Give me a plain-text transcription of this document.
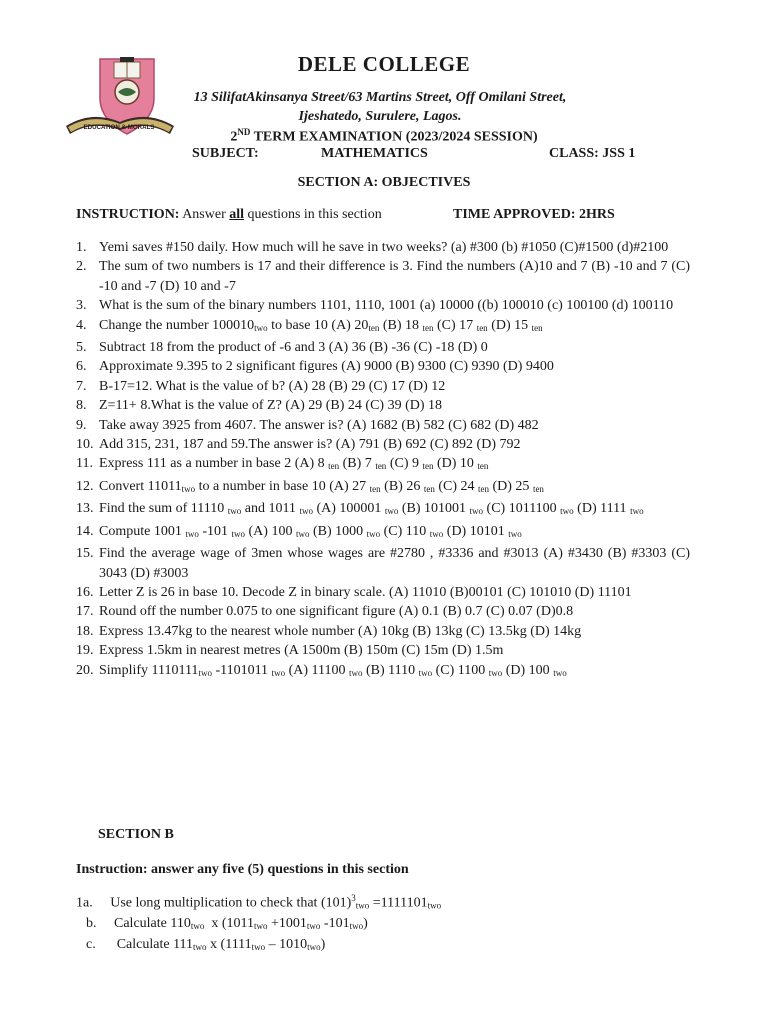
EDUCATION & MORALS
DELE COLLEGE
13 SilifatAkinsanya Street/63 Martins Street, Off Omilani Street,
Ijeshatedo, Surulere, Lagos.
2ND TERM EXAMINATION (2023/2024 SESSION)
SUBJECT:	MATHEMATICS	CLASS: JSS 1
SECTION A: OBJECTIVES
INSTRUCTION: Answer all questions in this section	TIME APPROVED: 2HRS
1. Yemi saves #150 daily. How much will he save in two weeks? (a) #300 (b) #1050 (C)#1500 (d)#2100
2. The sum of two numbers is 17 and their difference is 3. Find the numbers (A)10 and 7 (B) -10 and 7 (C) -10 and -7 (D) 10 and -7
3. What is the sum of the binary numbers 1101, 1110, 1001 (a) 10000 ((b) 100010 (c) 100100 (d) 100110
4. Change the number 100010two to base 10 (A) 20ten (B) 18 ten (C) 17 ten (D) 15 ten
5. Subtract 18 from the product of -6 and 3 (A) 36 (B) -36 (C) -18 (D) 0
6. Approximate 9.395 to 2 significant figures (A) 9000 (B) 9300 (C) 9390 (D) 9400
7. B-17=12. What is the value of b? (A) 28 (B) 29 (C) 17 (D) 12
8. Z=11+ 8.What is the value of Z? (A) 29 (B) 24 (C) 39 (D) 18
9. Take away 3925 from 4607. The answer is? (A) 1682 (B) 582 (C) 682 (D) 482
10. Add 315, 231, 187 and 59.The answer is? (A) 791 (B) 692 (C) 892 (D) 792
11. Express 111 as a number in base 2 (A) 8 ten (B) 7 ten (C) 9 ten (D) 10 ten
12. Convert 11011two to a number in base 10 (A) 27 ten (B) 26 ten (C) 24 ten (D) 25 ten
13. Find the sum of 11110 two and 1011 two (A) 100001 two (B) 101001 two (C) 1011100 two (D) 1111 two
14. Compute 1001 two -101 two (A) 100 two (B) 1000 two (C) 110 two (D) 10101 two
15. Find the average wage of 3men whose wages are #2780 , #3336 and #3013 (A) #3430 (B) #3303 (C) 3043 (D) #3003
16. Letter Z is 26 in base 10. Decode Z in binary scale. (A) 11010 (B)00101 (C) 101010 (D) 11101
17. Round off the number 0.075 to one significant figure (A) 0.1 (B) 0.7 (C) 0.07 (D)0.8
18. Express 13.47kg to the nearest whole number (A) 10kg (B) 13kg (C) 13.5kg (D) 14kg
19. Express 1.5km in nearest metres (A 1500m (B) 150m (C) 15m (D) 1.5m
20. Simplify 1110111two -1101011 two (A) 11100 two (B) 1110 two (C) 1100 two (D) 100 two
SECTION B
Instruction: answer any five (5) questions in this section
1a.     Use long multiplication to check that $(101)^3two =1111101two$
b.     Calculate 110two  x (1011two +1001two -101two)
c.      Calculate 111two x (1111two – 1010two)
